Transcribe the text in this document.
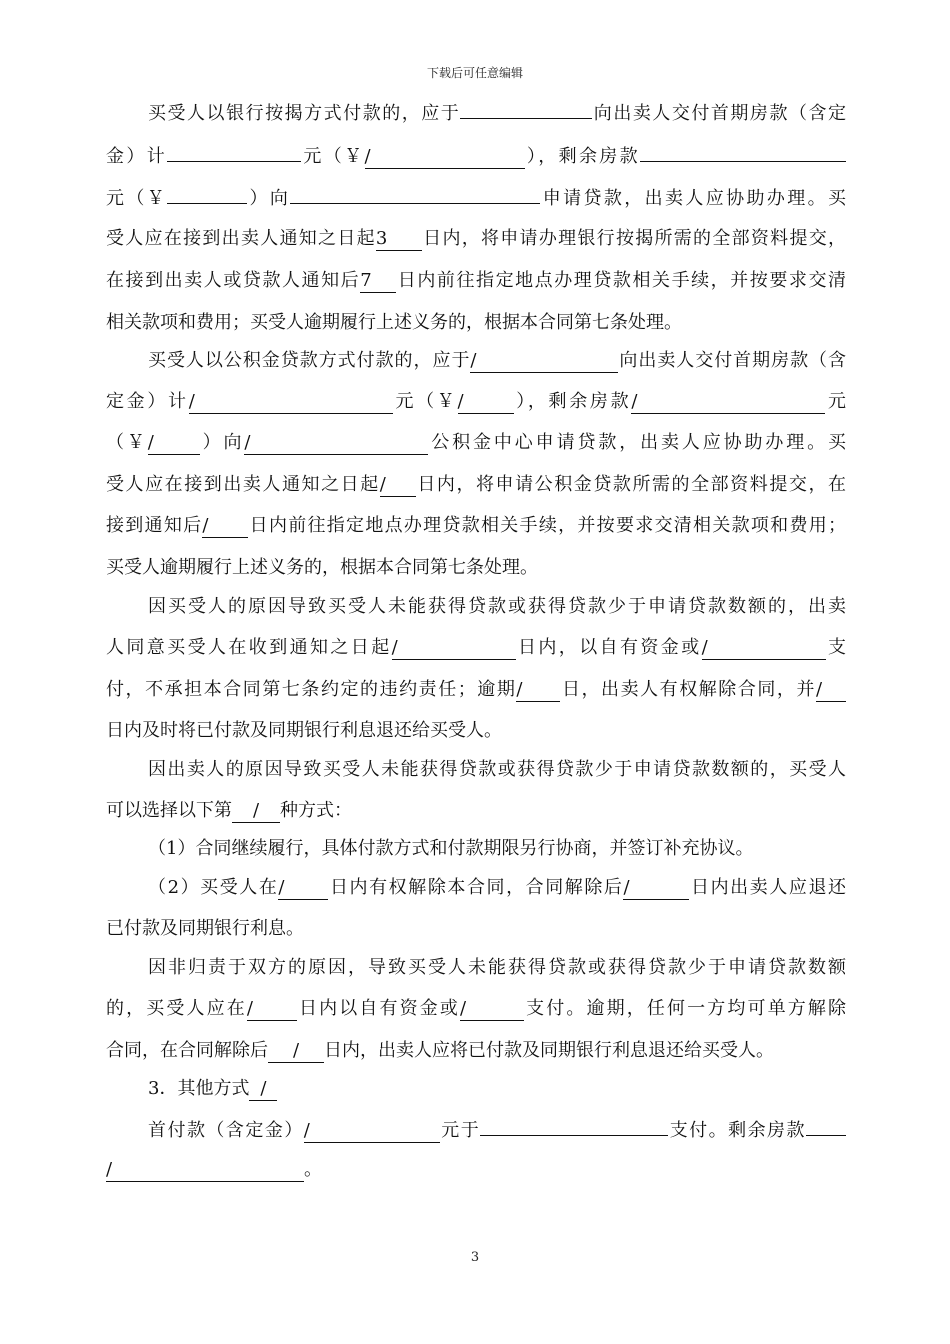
下载后可任意编辑
买受人以银行按揭方式付款的，应于	向出卖人交付首期房款（含定
金）计	元（￥/	），剩余房款
元（￥	）向	申请贷款，出卖人应协助办理。买
受人应在接到出卖人通知之日起3 日内，将申请办理银行按揭所需的全部资料提交，
在接到出卖人或贷款人通知后7 日内前往指定地点办理贷款相关手续，并按要求交清
相关款项和费用；买受人逾期履行上述义务的，根据本合同第七条处理。
买受人以公积金贷款方式付款的，应于/	向出卖人交付首期房款（含
定金）计/	元（￥/	），剩余房款/	元
（￥/	）向/	公积金中心申请贷款，出卖人应协助办理。买
受人应在接到出卖人通知之日起/ 日内，将申请公积金贷款所需的全部资料提交，在
接到通知后/ 日内前往指定地点办理贷款相关手续，并按要求交清相关款项和费用；
买受人逾期履行上述义务的，根据本合同第七条处理。
因买受人的原因导致买受人未能获得贷款或获得贷款少于申请贷款数额的，出卖
人同意买受人在收到通知之日起/	日内，以自有资金或/	支
付，不承担本合同第七条约定的违约责任；逾期/ 日，出卖人有权解除合同，并/
日内及时将已付款及同期银行利息退还给买受人。
因出卖人的原因导致买受人未能获得贷款或获得贷款少于申请贷款数额的，买受人
可以选择以下第 / 种方式：
（1）合同继续履行，具体付款方式和付款期限另行协商，并签订补充协议。
（2）买受人在/ 日内有权解除本合同，合同解除后/	日内出卖人应退还
已付款及同期银行利息。
因非归责于双方的原因，导致买受人未能获得贷款或获得贷款少于申请贷款数额
的，买受人应在/ 日内以自有资金或/	支付。逾期，任何一方均可单方解除
合同，在合同解除后 / 日内，出卖人应将已付款及同期银行利息退还给买受人。
3．其他方式 /
首付款（含定金）/	元于	支付。剩余房款
/	。
3
